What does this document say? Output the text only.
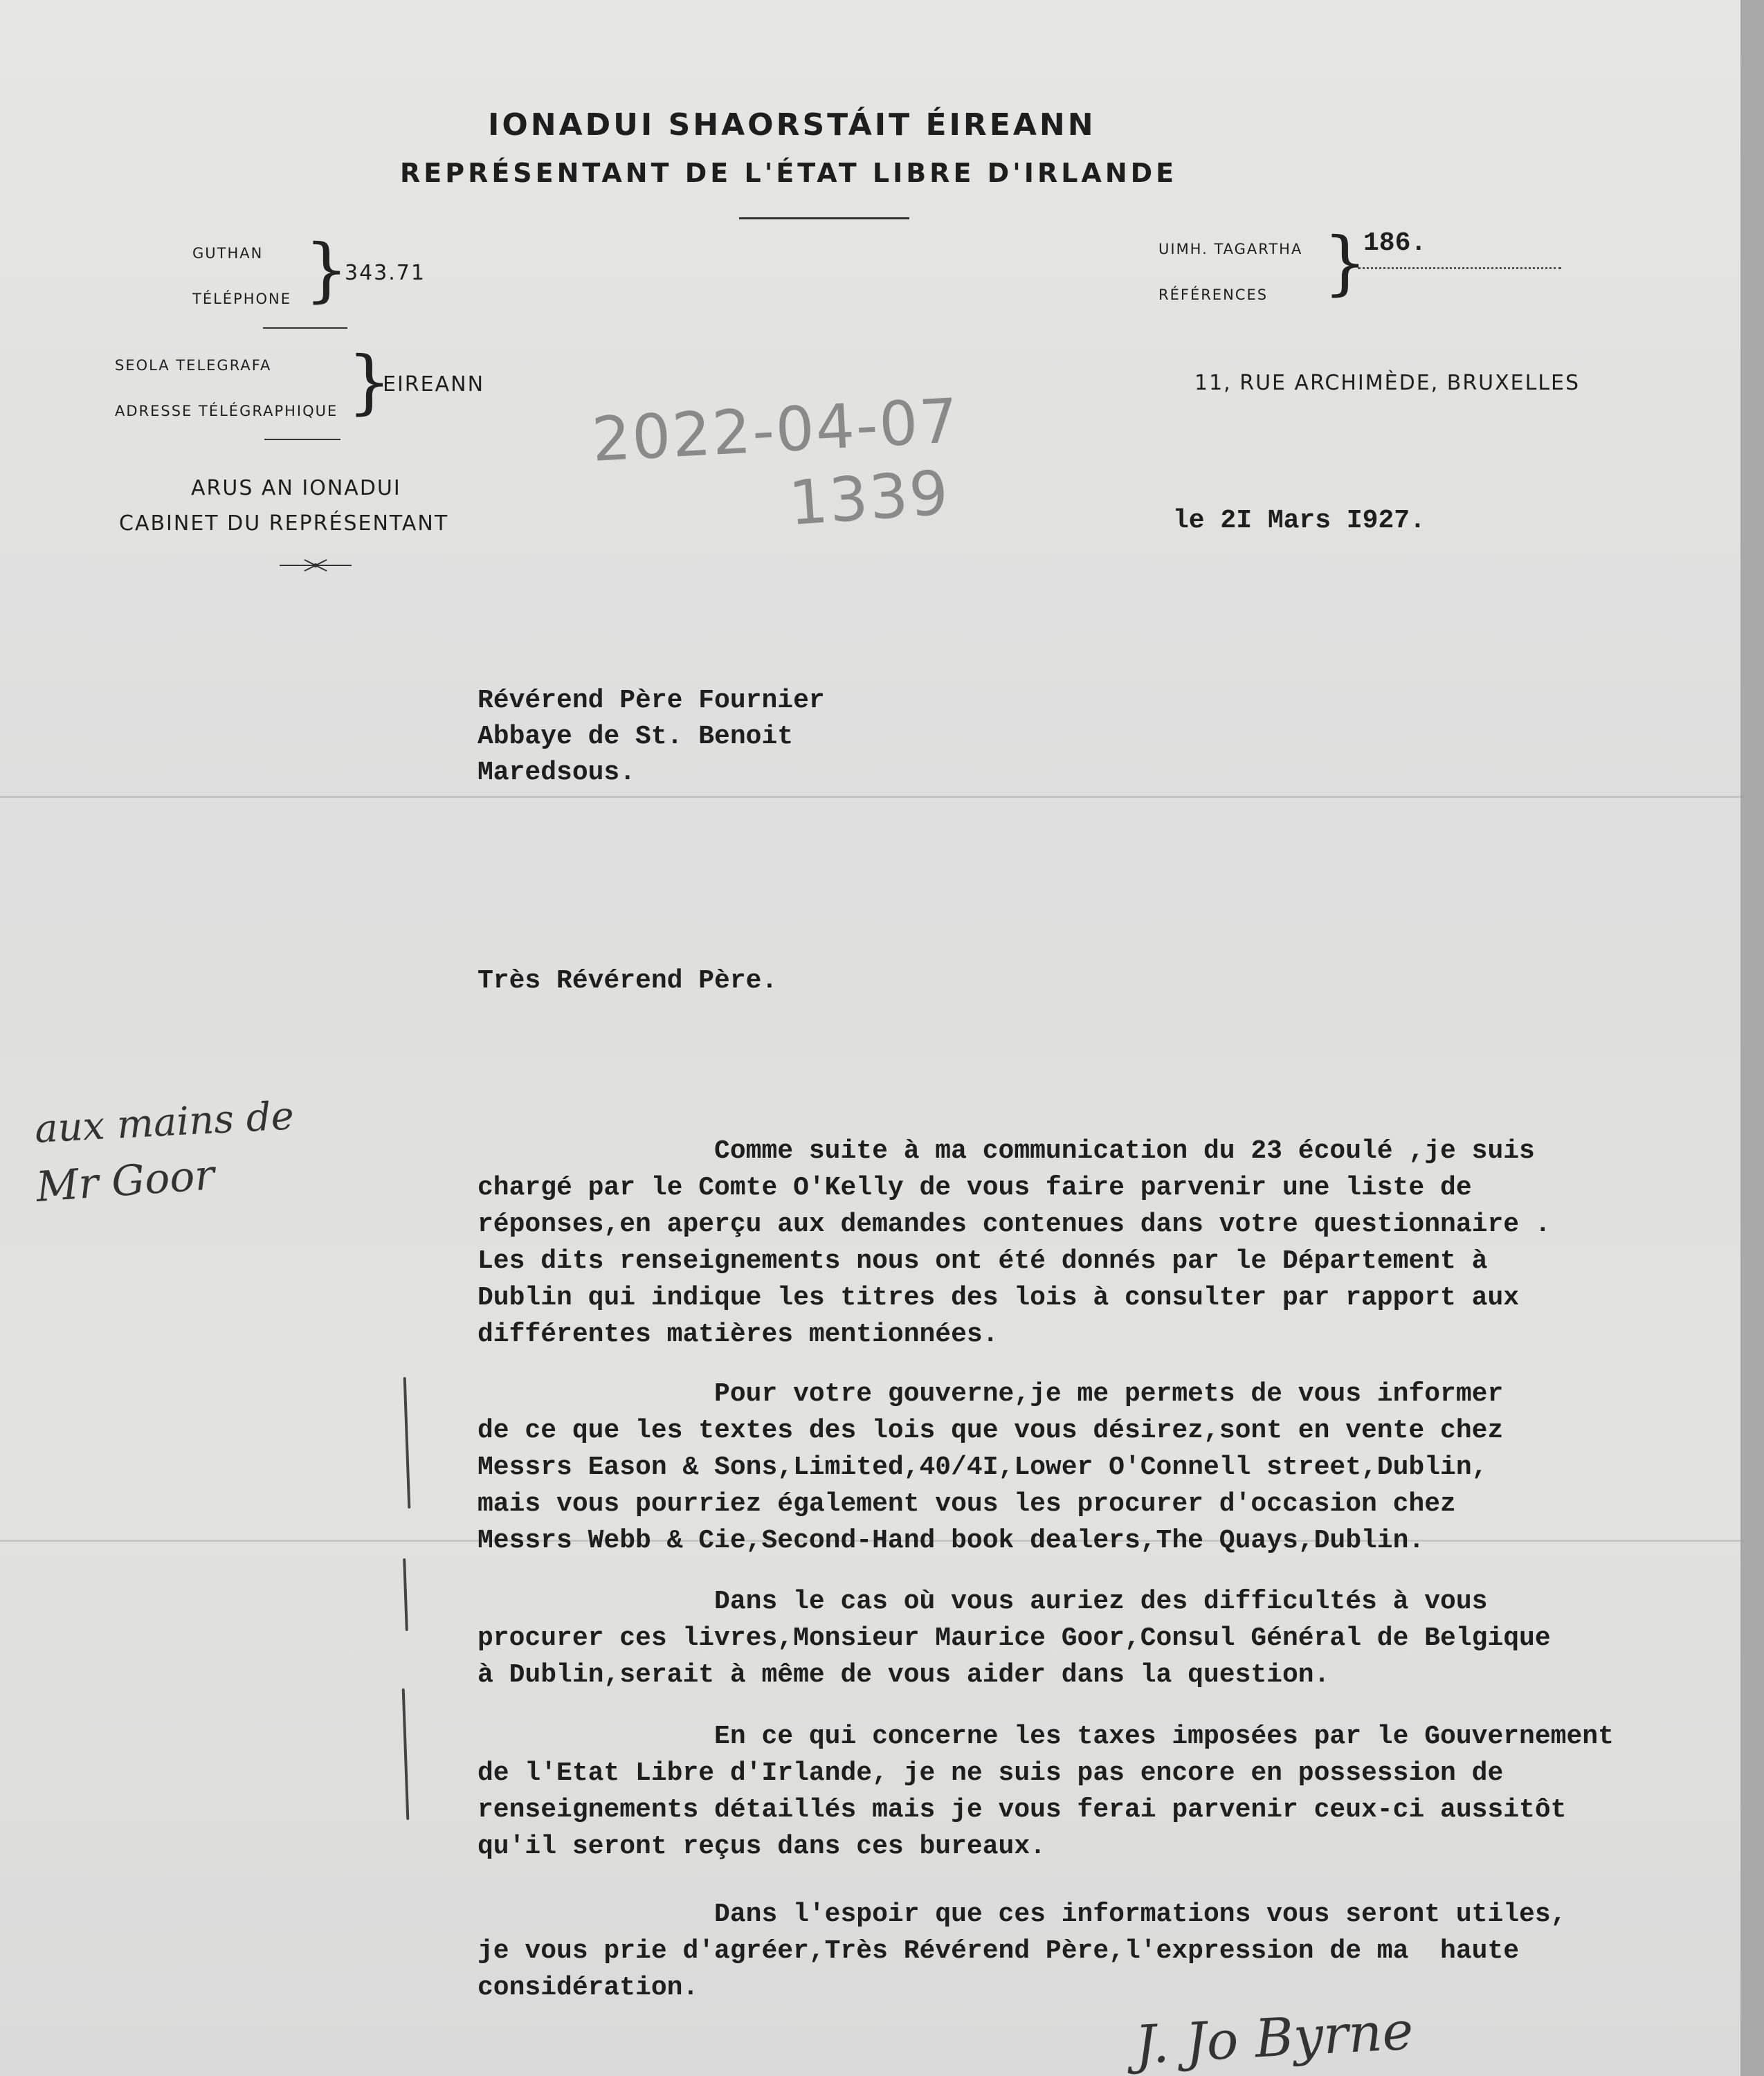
IONADUI SHAORSTÁIT ÉIREANN
REPRÉSENTANT DE L'ÉTAT LIBRE D'IRLANDE
GUTHAN
TÉLÉPHONE }
343.71
SEOLA TELEGRAFA
ADRESSE TÉLÉGRAPHIQUE }
EIREANN
UIMH. TAGARTHA
RÉFÉRENCES }
186.
11, RUE ARCHIMÈDE, BRUXELLES
ARUS AN IONADUI
CABINET DU REPRÉSENTANT
2022-04-07
1339	le 2I Mars I927.
Révérend Père Fournier
Abbaye de St. Benoit
Maredsous.
Très Révérend Père.
aux mains de
Mr Goor	Comme suite à ma communication du 23 écoulé ,je suis
chargé par le Comte O'Kelly de vous faire parvenir une liste de
réponses,en aperçu aux demandes contenues dans votre questionnaire .
Les dits renseignements nous ont été donnés par le Département à
Dublin qui indique les titres des lois à consulter par rapport aux
différentes matières mentionnées.

Pour votre gouverne,je me permets de vous informer
de ce que les textes des lois que vous désirez,sont en vente chez
Messrs Eason & Sons,Limited,40/4I,Lower O'Connell street,Dublin,
mais vous pourriez également vous les procurer d'occasion chez
Messrs Webb & Cie,Second-Hand book dealers,The Quays,Dublin.

Dans le cas où vous auriez des difficultés à vous
procurer ces livres,Monsieur Maurice Goor,Consul Général de Belgique
à Dublin,serait à même de vous aider dans la question.

En ce qui concerne les taxes imposées par le Gouvernement
de l'Etat Libre d'Irlande, je ne suis pas encore en possession de
renseignements détaillés mais je vous ferai parvenir ceux-ci aussitôt
qu'il seront reçus dans ces bureaux.

Dans l'espoir que ces informations vous seront utiles,
je vous prie d'agréer,Très Révérend Père,l'expression de ma  haute
considération.

J. Jo Byrne
